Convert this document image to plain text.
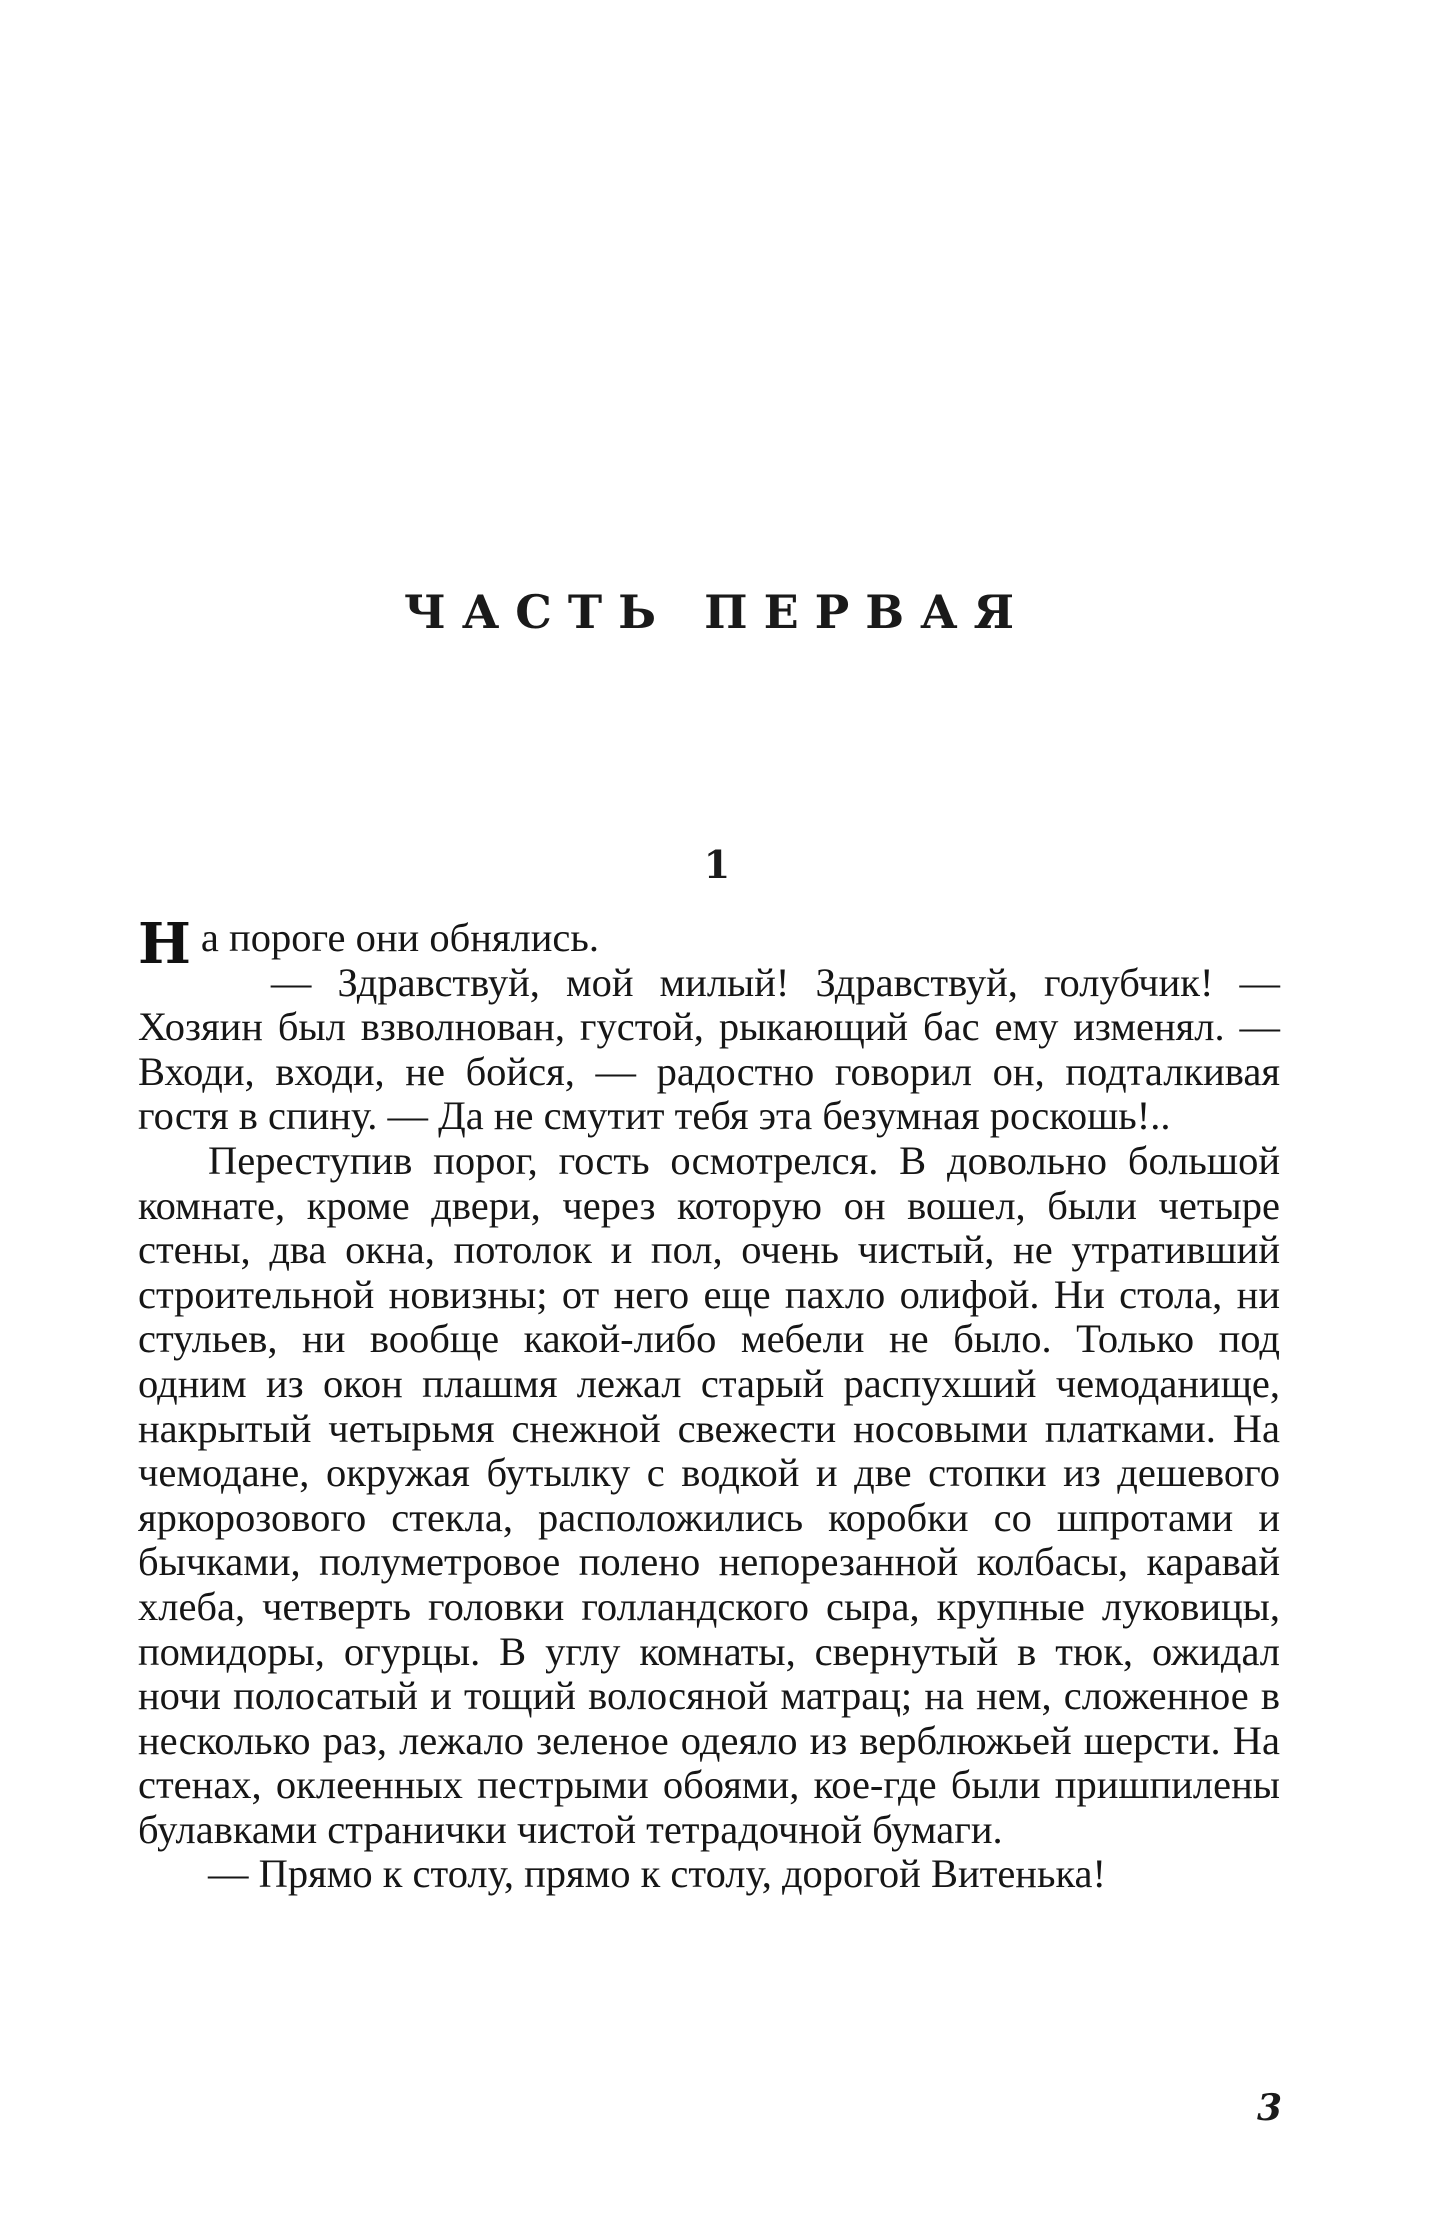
ЧАСТЬ ПЕРВАЯ
1

Н а пороге они обнялись.

— Здравствуй, мой милый! Здравствуй, голубчик! — Хозяин был взволнован, густой, рыкающий бас ему изменял. — Входи, входи, не бойся, — радостно говорил он, подталкивая гостя в спину. — Да не смутит тебя эта безумная роскошь!..

Переступив порог, гость осмотрелся. В довольно большой комнате, кроме двери, через которую он вошел, были четыре стены, два окна, потолок и пол, очень чистый, не утративший строительной новизны; от него еще пахло олифой. Ни стола, ни стульев, ни вообще какой-либо мебели не было. Только под одним из окон плашмя лежал старый распухший чемоданище, накрытый четырьмя снежной свежести носовыми платками. На чемодане, окружая бутылку с водкой и две стопки из дешевого яркорозового стекла, расположились коробки со шпротами и бычками, полуметровое полено непорезанной колбасы, каравай хлеба, четверть головки голландского сыра, крупные луковицы, помидоры, огурцы. В углу комнаты, свернутый в тюк, ожидал ночи полосатый и тощий волосяной матрац; на нем, сложенное в несколько раз, лежало зеленое одеяло из верблюжьей шерсти. На стенах, оклеенных пестрыми обоями, кое-где были пришпилены булавками странички чистой тетрадочной бумаги.

— Прямо к столу, прямо к столу, дорогой Витенька!

3
